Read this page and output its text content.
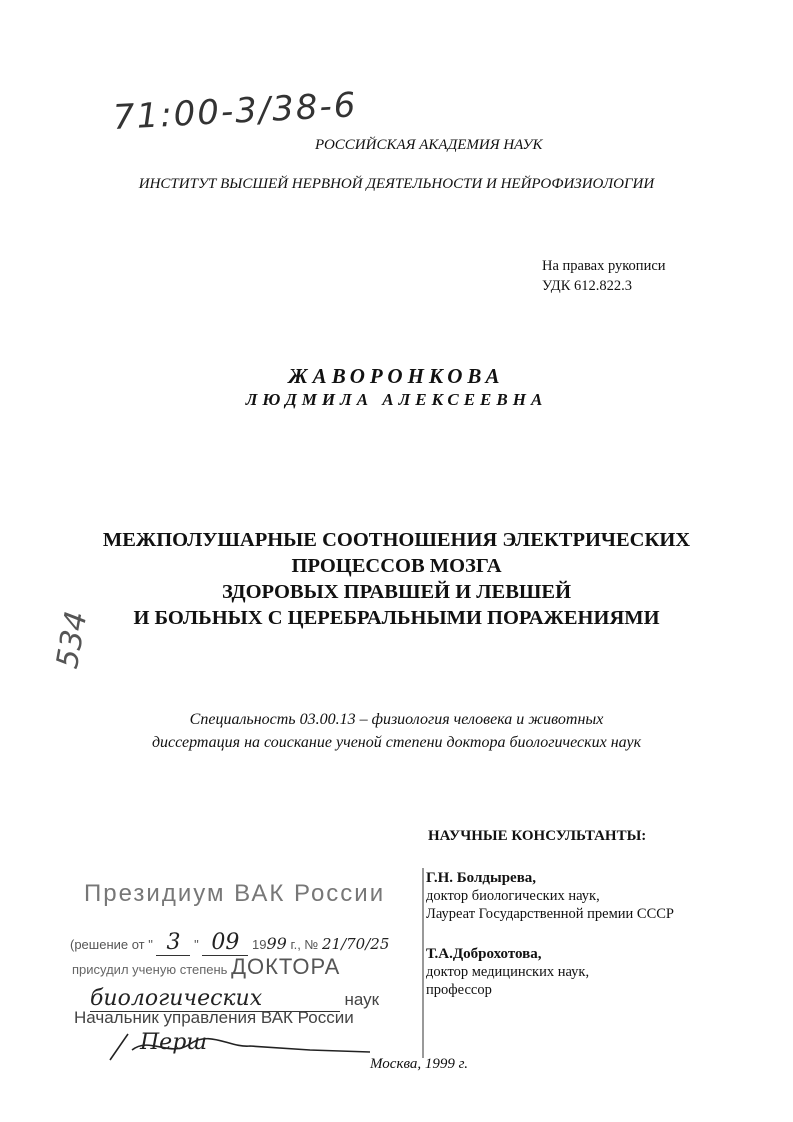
71:00-3/38-6
534
РОССИЙСКАЯ АКАДЕМИЯ НАУК
ИНСТИТУТ ВЫСШЕЙ НЕРВНОЙ ДЕЯТЕЛЬНОСТИ И НЕЙРОФИЗИОЛОГИИ
На правах рукописи
УДК 612.822.3
ЖАВОРОНКОВА
ЛЮДМИЛА АЛЕКСЕЕВНА
МЕЖПОЛУШАРНЫЕ СООТНОШЕНИЯ ЭЛЕКТРИЧЕСКИХ
ПРОЦЕССОВ МОЗГА
ЗДОРОВЫХ ПРАВШЕЙ И ЛЕВШЕЙ
И БОЛЬНЫХ С ЦЕРЕБРАЛЬНЫМИ ПОРАЖЕНИЯМИ
Специальность 03.00.13 – физиология человека и животных
диссертация на соискание ученой степени доктора биологических наук
НАУЧНЫЕ КОНСУЛЬТАНТЫ:
Г.Н. Болдырева,
доктор биологических наук,
Лауреат Государственной премии СССР
Т.А.Доброхотова,
доктор медицинских наук,
профессор
Президиум ВАК России
(решение от " 3 " 09 1999 г., № 21/70/25
присудил ученую степень ДОКТОРА
биологических	наук
Начальник управления ВАК России
Перш
Москва, 1999 г.
